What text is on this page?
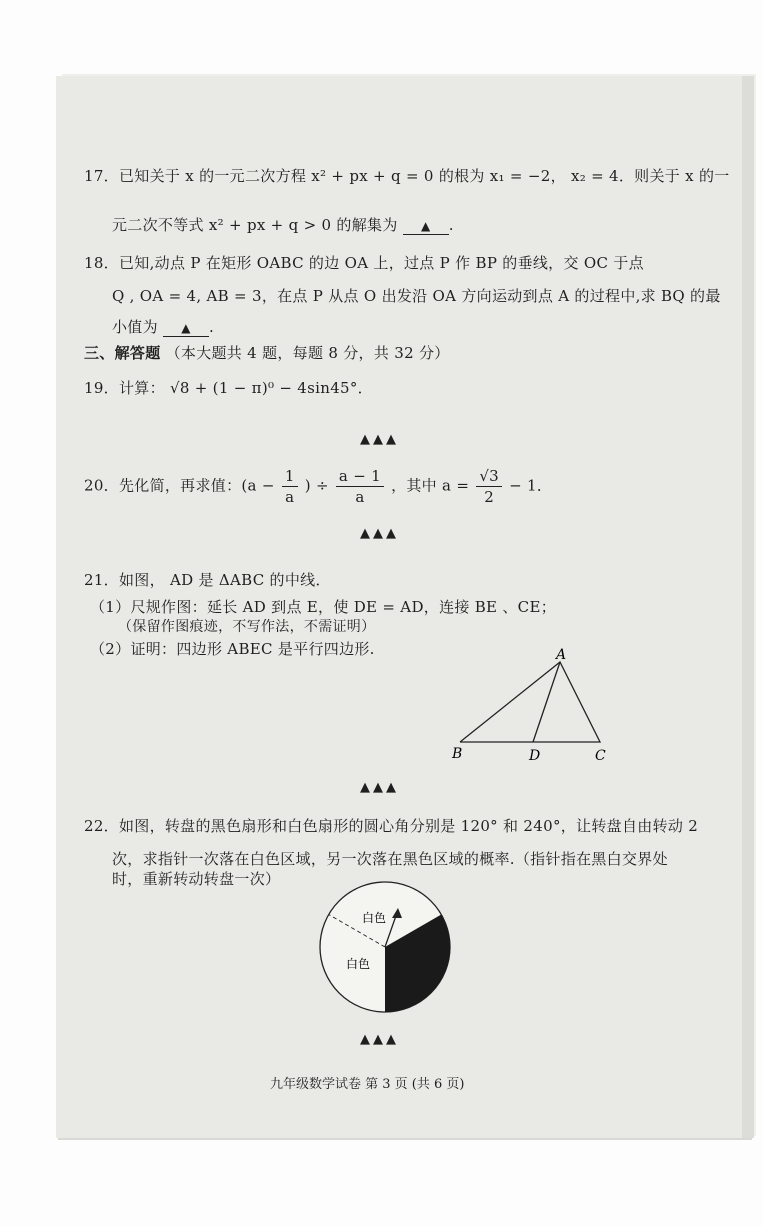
17．已知关于 x 的一元二次方程 x² + px + q = 0 的根为 x₁ = −2， x₂ = 4．则关于 x 的一
元二次不等式 x² + px + q > 0 的解集为 ▲ .
18．已知,动点 P 在矩形 OABC 的边 OA 上，过点 P 作 BP 的垂线，交 OC 于点
Q , OA = 4, AB = 3，在点 P 从点 O 出发沿 OA 方向运动到点 A 的过程中,求 BQ 的最
小值为 ▲ .
三、解答题 （本大题共 4 题，每题 8 分，共 32 分）
19．计算： √8 + (1 − π)⁰ − 4sin45°．
▲▲▲
20．先化简，再求值：($a - \frac{1}{a}$ ) ÷ $\frac{a - 1}{a}$ ，其中 $a = \frac{√3}{2} - 1$．
▲▲▲
21．如图， AD 是 ΔABC 的中线．
（1）尺规作图：延长 AD 到点 E，使 DE = AD，连接 BE 、CE；
（保留作图痕迹，不写作法，不需证明）
（2）证明：四边形 ABEC 是平行四边形.	A
B	D	C
▲▲▲
22．如图，转盘的黑色扇形和白色扇形的圆心角分别是 120° 和 240°，让转盘自由转动 2
次，求指针一次落在白色区域，另一次落在黑色区域的概率.（指针指在黑白交界处
时，重新转动转盘一次）
白色
白色
▲▲▲
九年级数学试卷 第 3 页 (共 6 页)
